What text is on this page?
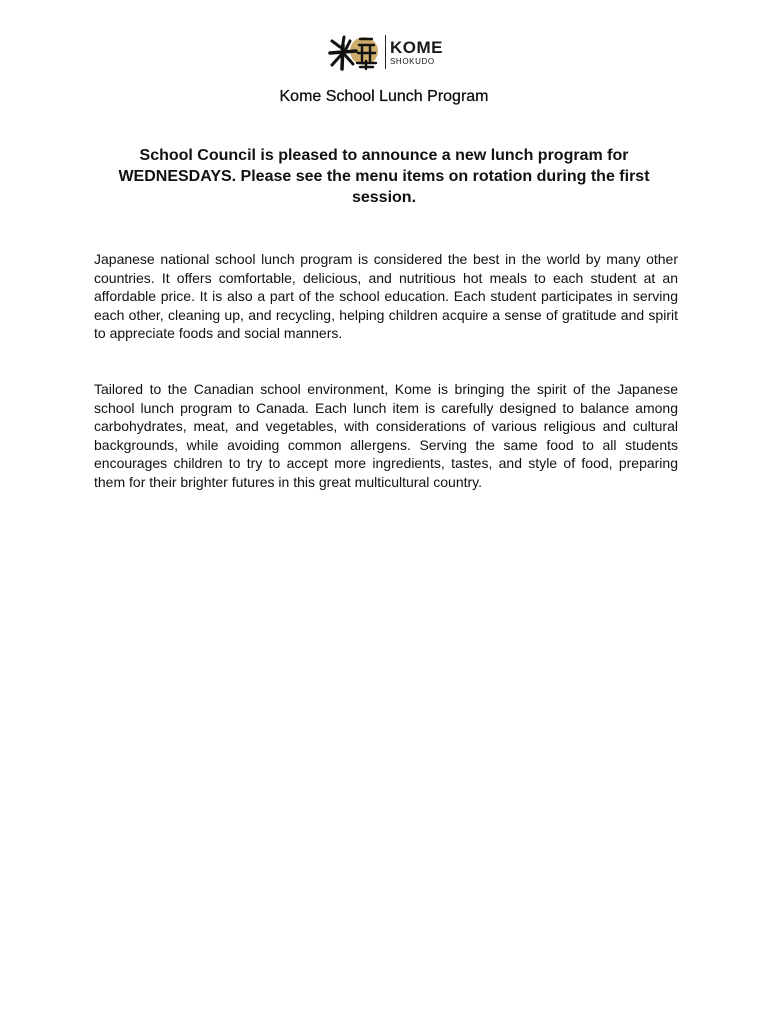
KOME
SHOKUDO
Kome School Lunch Program
School Council is pleased to announce a new lunch program for WEDNESDAYS. Please see the menu items on rotation during the first session.

Japanese national school lunch program is considered the best in the world by many other countries. It offers comfortable, delicious, and nutritious hot meals to each student at an affordable price. It is also a part of the school education. Each student participates in serving each other, cleaning up, and recycling, helping children acquire a sense of gratitude and spirit to appreciate foods and social manners.

Tailored to the Canadian school environment, Kome is bringing the spirit of the Japanese school lunch program to Canada. Each lunch item is carefully designed to balance among carbohydrates, meat, and vegetables, with considerations of various religious and cultural backgrounds, while avoiding common allergens. Serving the same food to all students encourages children to try to accept more ingredients, tastes, and style of food, preparing them for their brighter futures in this great multicultural country.
